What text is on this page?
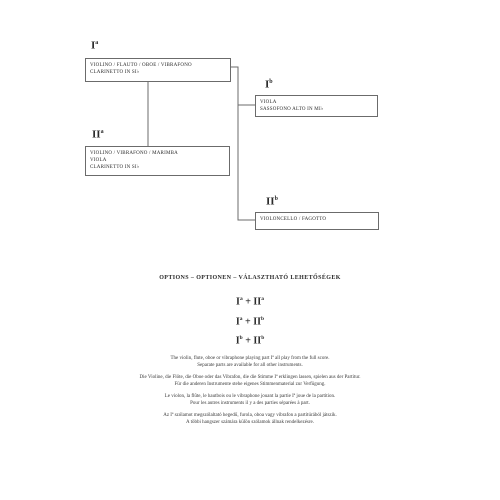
$I^a$
VIOLINO / FLAUTO / OBOE / VIBRAFONO
CLARINETTO IN SI♭
$I^b$
VIOLA
SASSOFONO ALTO IN MI♭
$II^a$
VIOLINO / VIBRAFONO / MARIMBA
VIOLA
CLARINETTO IN SI♭
$II^b$
VIOLONCELLO / FAGOTTO
OPTIONS – OPTIONEN – VÁLASZTHATÓ LEHETŐSÉGEK
$I^a + II^a$
$I^a + II^b$
$I^b + II^b$

The violin, flute, oboe or vibraphone playing part Iª all play from the full score.
Separate parts are available for all other instruments.

Die Violine, die Flöte, die Oboe oder das Vibrafon, die die Stimme Iª erklingen lassen, spielen aus der Partitur.
Für die anderen Instrumente stehe eigenes Stimmenmaterial zur Verfügung.

Le violon, la flûte, le hautbois ou le vibraphone jouant la partie Iª joue de la partition.
Pour les autres instruments il y a des parties séparées à part.

Az Iª szólamot megszólaltató hegedű, furola, oboa vagy vibrafon a partitúrából játszik.
A többi hangszer számára külön szólamok állnak rendelkezésre.
